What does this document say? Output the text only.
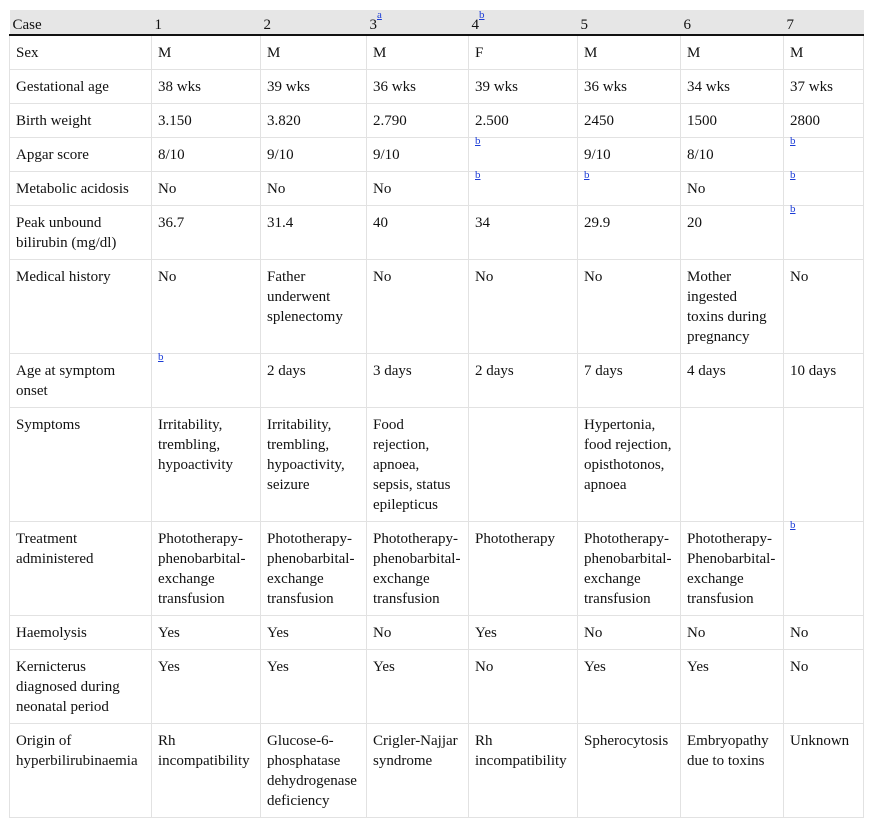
Case	1	2	3$^a$	4$^b$	5	6	7
Sex	M	M	M	F	M	M	M
Gestational age	38 wks	39 wks	36 wks	39 wks	36 wks	34 wks	37 wks
Birth weight	3.150	3.820	2.790	2.500	2450	1500	2800
Apgar score	8/10	9/10	9/10	$^b$	9/10	8/10	$^b$
Metabolic acidosis	No	No	No	$^b$	$^b$	No	$^b$
Peak unbound bilirubin (mg/dl)	36.7	31.4	40	34	29.9	20	$^b$
Medical history	No	Father underwent splenectomy	No	No	No	Mother ingested toxins during pregnancy	No
Age at symptom onset	$^b$	2 days	3 days	2 days	7 days	4 days	10 days
Symptoms	Irritability, trembling, hypoactivity	Irritability, trembling, hypoactivity, seizure	Food rejection, apnoea, sepsis, status epilepticus		Hypertonia, food rejection, opisthotonos, apnoea		
Treatment administered	Phototherapy-phenobarbital-exchange transfusion	Phototherapy-phenobarbital-exchange transfusion	Phototherapy-phenobarbital-exchange transfusion	Phototherapy	Phototherapy-phenobarbital-exchange transfusion	Phototherapy-Phenobarbital-exchange transfusion	$^b$
Haemolysis	Yes	Yes	No	Yes	No	No	No
Kernicterus diagnosed during neonatal period	Yes	Yes	Yes	No	Yes	Yes	No
Origin of hyperbilirubinaemia	Rh incompatibility	Glucose-6-phosphatase dehydrogenase deficiency	Crigler-Najjar syndrome	Rh incompatibility	Spherocytosis	Embryopathy due to toxins	Unknown
